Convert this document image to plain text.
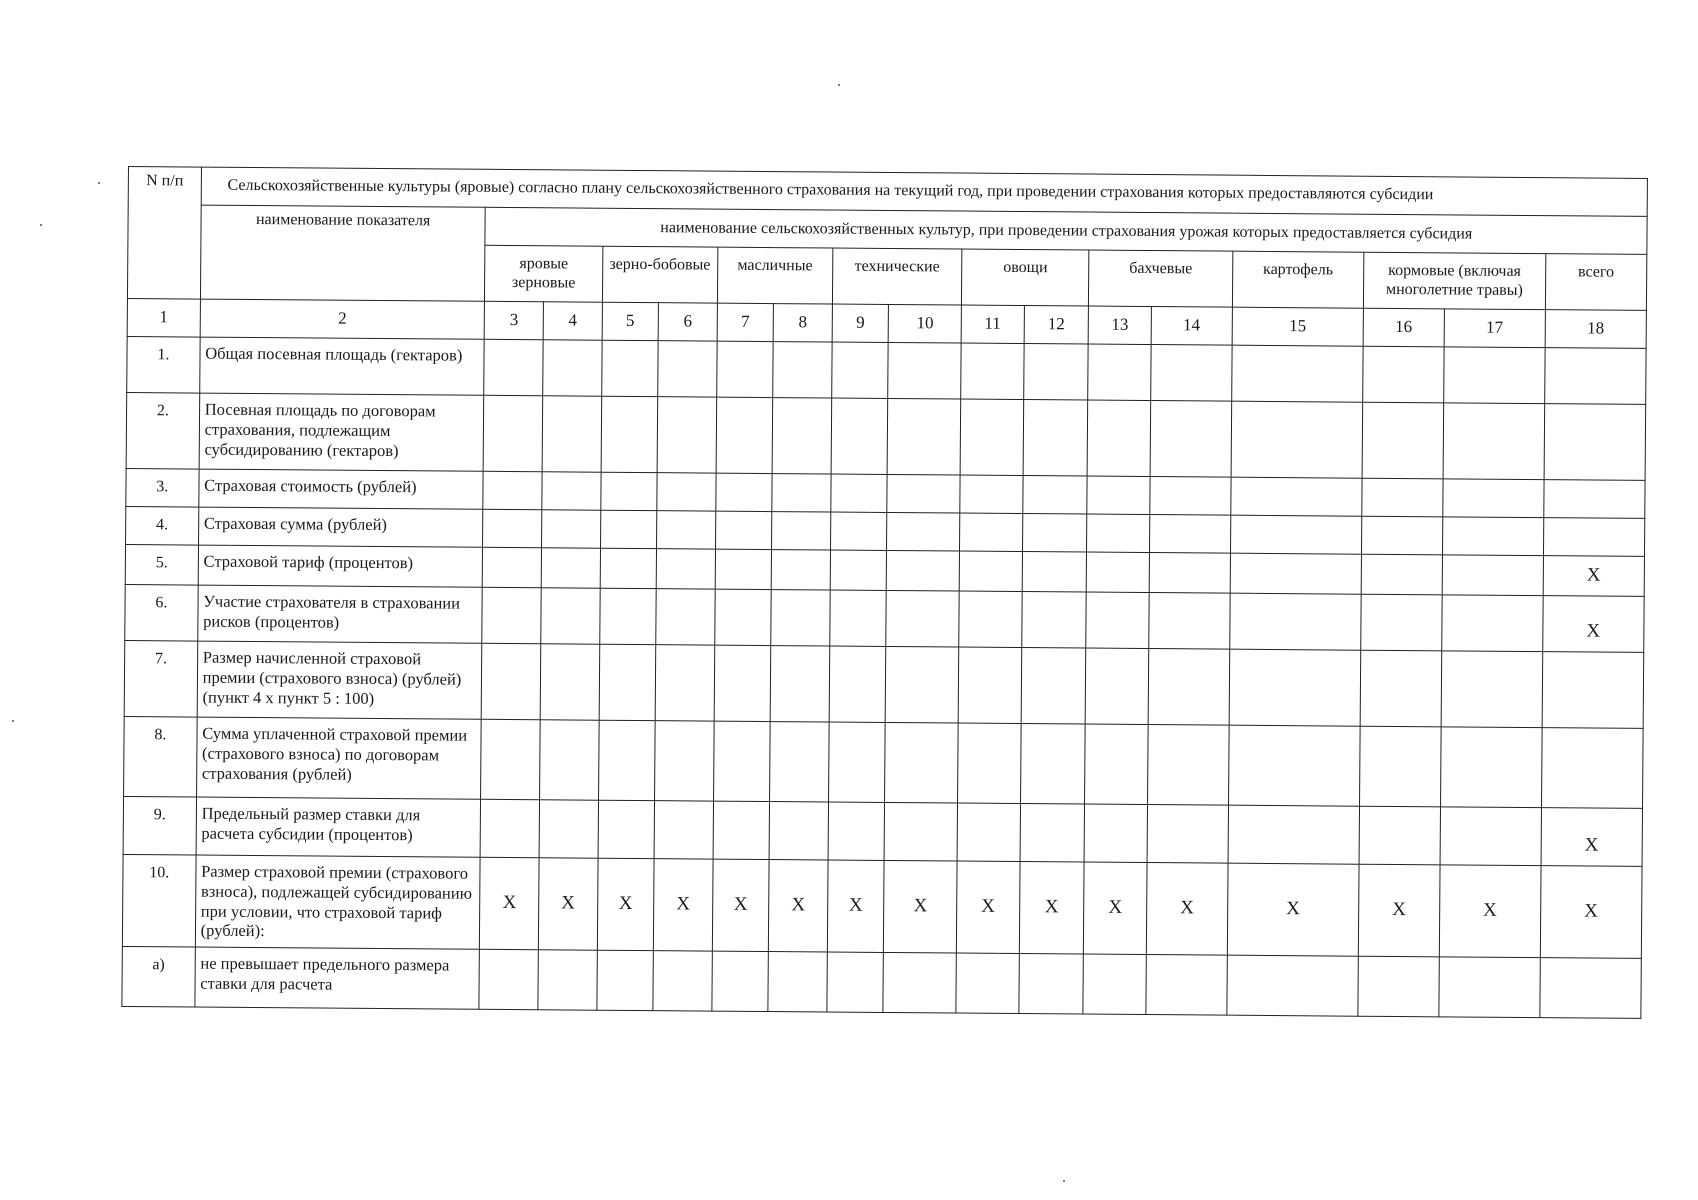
N п/п	Сельскохозяйственные культуры (яровые) согласно плану сельскохозяйственного страхования на текущий год, при проведении страхования которых предоставляются субсидии																
	наименование показателя	наименование сельскохозяйственных культур, при проведении страхования урожая которых предоставляется субсидия															
		яровые зерновые		зерно-бобовые		масличные		технические		овощи		бахчевые		картофель	кормовые (включая многолетние травы)		всего
1	2	3	4	5	6	7	8	9	10	11	12	13	14	15	16	17	18
1.	Общая посевная площадь (гектаров)																
2.	Посевная площадь по договорам страхования, подлежащим субсидированию (гектаров)																
3.	Страховая стоимость (рублей)																
4.	Страховая сумма (рублей)																
5.	Страховой тариф (процентов)																X
6.	Участие страхователя в страховании рисков (процентов)																X
7.	Размер начисленной страховой премии (страхового взноса) (рублей) (пункт 4 х пункт 5 : 100)																
8.	Сумма уплаченной страховой премии (страхового взноса) по договорам страхования (рублей)																
9.	Предельный размер ставки для расчета субсидии (процентов)																X
10.	Размер страховой премии (страхового взноса), подлежащей субсидированию при условии, что страховой тариф (рублей):	X	X	X	X	X	X	X	X	X	X	X	X	X	X	X	X
а)	не превышает предельного размера ставки для расчета																
